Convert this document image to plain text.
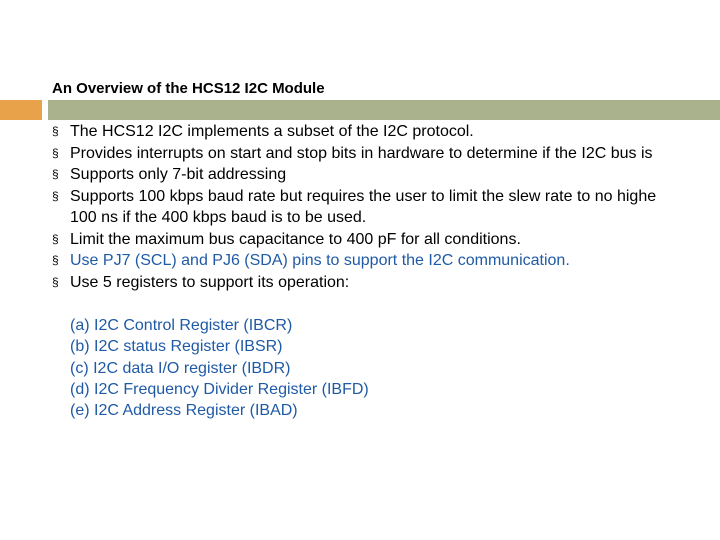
An Overview of the HCS12 I2C Module
§ The HCS12 I2C implements a subset of the I2C protocol.
§ Provides interrupts on start and stop bits in hardware to determine if the I2C bus is
§ Supports only 7-bit addressing
§ Supports 100 kbps baud rate but requires the user to limit the slew rate to no highe
100 ns if the 400 kbps baud is to be used.
§ Limit the maximum bus capacitance to 400 pF for all conditions.
§ Use PJ7 (SCL) and PJ6 (SDA) pins to support the I2C communication.
§ Use 5 registers to support its operation:
(a) I2C Control Register (IBCR)
(b) I2C status Register (IBSR)
(c) I2C data I/O register (IBDR)
(d) I2C Frequency Divider Register (IBFD)
(e) I2C Address Register (IBAD)
